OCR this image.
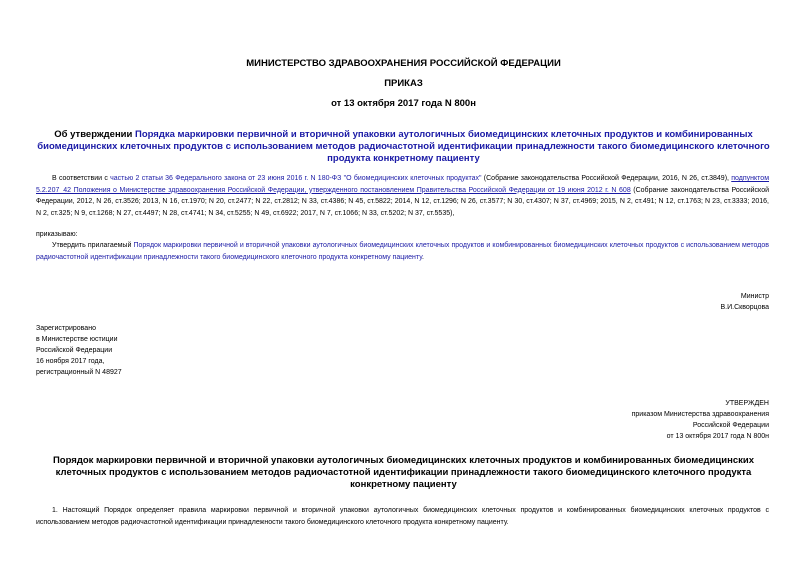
МИНИСТЕРСТВО ЗДРАВООХРАНЕНИЯ РОССИЙСКОЙ ФЕДЕРАЦИИ
ПРИКАЗ
от 13 октября 2017 года N 800н
Об утверждении Порядка маркировки первичной и вторичной упаковки аутологичных биомедицинских клеточных продуктов и комбинированных биомедицинских клеточных продуктов с использованием методов радиочастотной идентификации принадлежности такого биомедицинского клеточного продукта конкретному пациенту
В соответствии с частью 2 статьи 36 Федерального закона от 23 июня 2016 г. N 180-ФЗ "О биомедицинских клеточных продуктах" (Собрание законодательства Российской Федерации, 2016, N 26, ст.3849), подпунктом 5.2.207_42 Положения о Министерстве здравоохранения Российской Федерации, утвержденного постановлением Правительства Российской Федерации от 19 июня 2012 г. N 608 (Собрание законодательства Российской Федерации, 2012, N 26, ст.3526; 2013, N 16, ст.1970; N 20, ст.2477; N 22, ст.2812; N 33, ст.4386; N 45, ст.5822; 2014, N 12, ст.1296; N 26, ст.3577; N 30, ст.4307; N 37, ст.4969; 2015, N 2, ст.491; N 12, ст.1763; N 23, ст.3333; 2016, N 2, ст.325; N 9, ст.1268; N 27, ст.4497; N 28, ст.4741; N 34, ст.5255; N 49, ст.6922; 2017, N 7, ст.1066; N 33, ст.5202; N 37, ст.5535),
приказываю:
Утвердить прилагаемый Порядок маркировки первичной и вторичной упаковки аутологичных биомедицинских клеточных продуктов и комбинированных биомедицинских клеточных продуктов с использованием методов радиочастотной идентификации принадлежности такого биомедицинского клеточного продукта конкретному пациенту.
Министр
В.И.Скворцова
Зарегистрировано
в Министерстве юстиции
Российской Федерации
16 ноября 2017 года,
регистрационный N 48927
УТВЕРЖДЕН
приказом Министерства здравоохранения
Российской Федерации
от 13 октября 2017 года N 800н
Порядок маркировки первичной и вторичной упаковки аутологичных биомедицинских клеточных продуктов и комбинированных биомедицинских клеточных продуктов с использованием методов радиочастотной идентификации принадлежности такого биомедицинского клеточного продукта конкретному пациенту
1. Настоящий Порядок определяет правила маркировки первичной и вторичной упаковки аутологичных биомедицинских клеточных продуктов и комбинированных биомедицинских клеточных продуктов с использованием методов радиочастотной идентификации принадлежности такого биомедицинского клеточного продукта конкретному пациенту.
